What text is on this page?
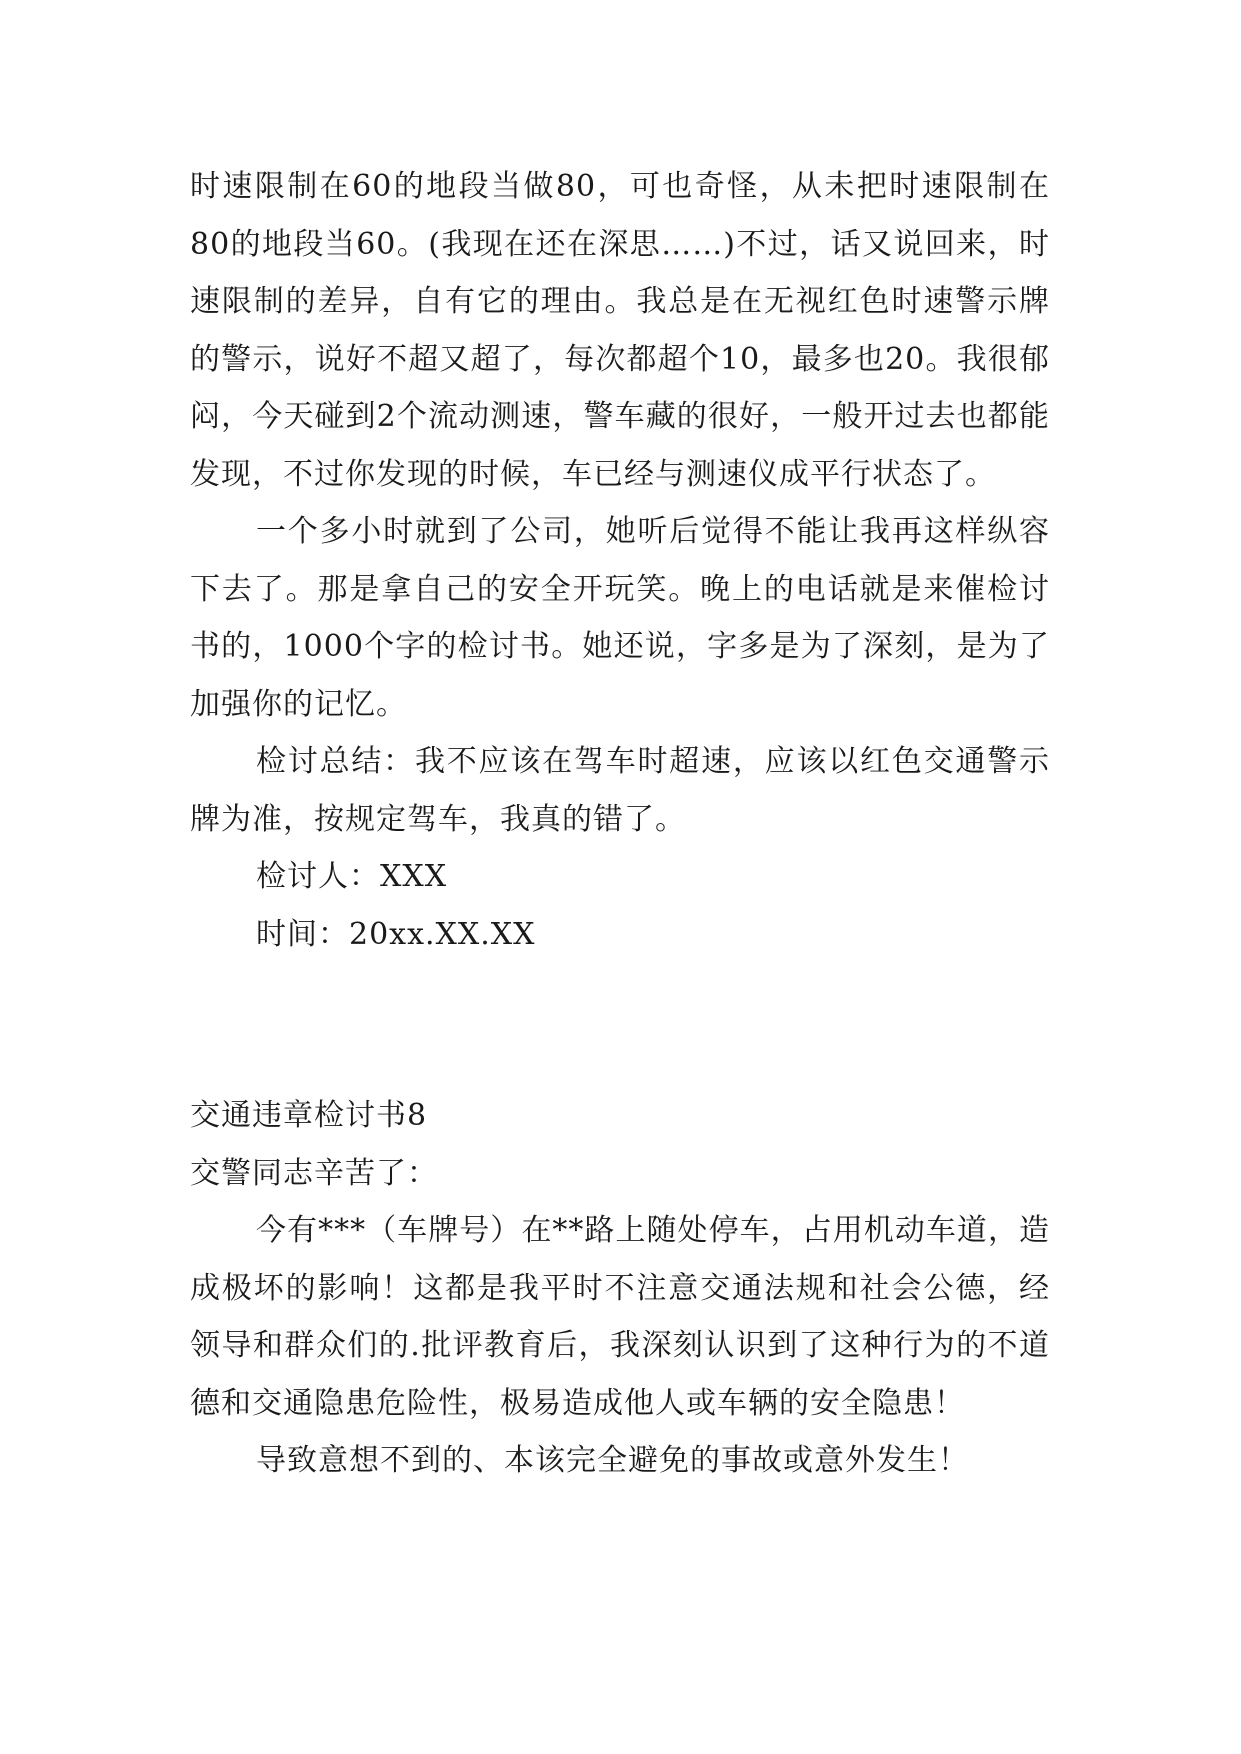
时速限制在60的地段当做80，可也奇怪，从未把时速限制在80的地段当60。(我现在还在深思……)不过，话又说回来，时速限制的差异，自有它的理由。我总是在无视红色时速警示牌的警示，说好不超又超了，每次都超个10，最多也20。我很郁闷，今天碰到2个流动测速，警车藏的很好，一般开过去也都能发现，不过你发现的时候，车已经与测速仪成平行状态了。

一个多小时就到了公司，她听后觉得不能让我再这样纵容下去了。那是拿自己的安全开玩笑。晚上的电话就是来催检讨书的，1000个字的检讨书。她还说，字多是为了深刻，是为了加强你的记忆。

检讨总结：我不应该在驾车时超速，应该以红色交通警示牌为准，按规定驾车，我真的错了。

检讨人：XXX

时间：20xx.XX.XX

交通违章检讨书8

交警同志辛苦了：

今有***（车牌号）在**路上随处停车，占用机动车道，造成极坏的影响！这都是我平时不注意交通法规和社会公德，经领导和群众们的.批评教育后，我深刻认识到了这种行为的不道德和交通隐患危险性，极易造成他人或车辆的安全隐患！

导致意想不到的、本该完全避免的事故或意外发生！
